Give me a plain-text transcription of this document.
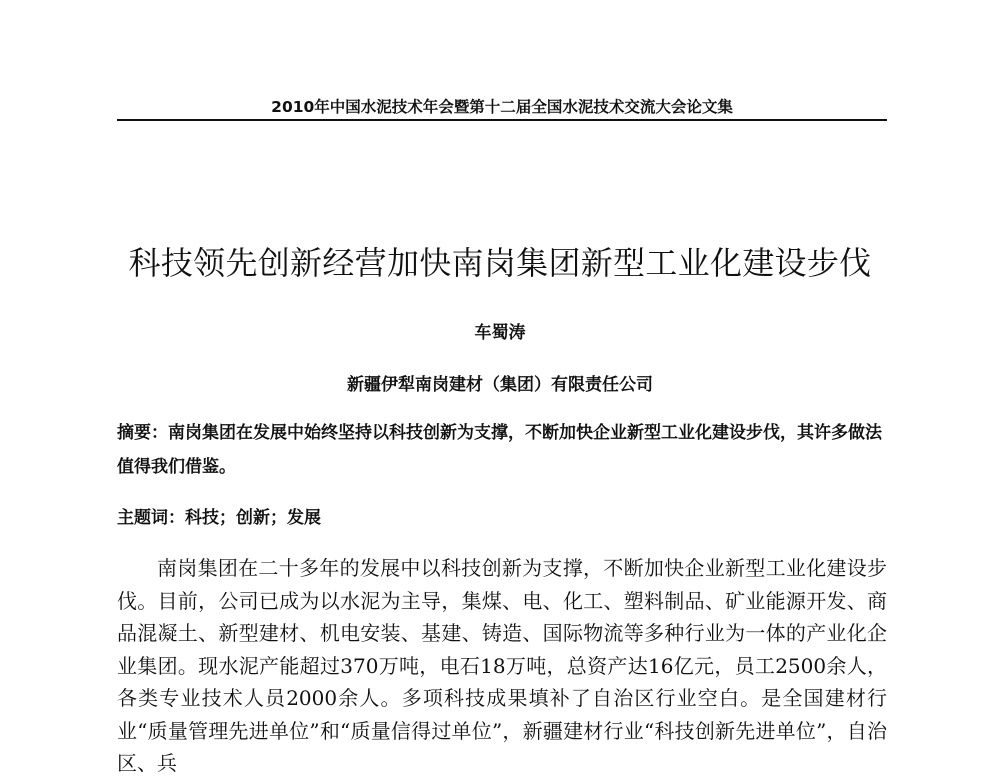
2010年中国水泥技术年会暨第十二届全国水泥技术交流大会论文集
科技领先创新经营加快南岗集团新型工业化建设步伐
车蜀涛
新疆伊犁南岗建材（集团）有限责任公司
摘要：南岗集团在发展中始终坚持以科技创新为支撑，不断加快企业新型工业化建设步伐，其许多做法值得我们借鉴。
主题词：科技；创新；发展

南岗集团在二十多年的发展中以科技创新为支撑，不断加快企业新型工业化建设步伐。目前，公司已成为以水泥为主导，集煤、电、化工、塑料制品、矿业能源开发、商品混凝土、新型建材、机电安装、基建、铸造、国际物流等多种行业为一体的产业化企业集团。现水泥产能超过370万吨，电石18万吨，总资产达16亿元，员工2500余人，各类专业技术人员2000余人。多项科技成果填补了自治区行业空白。是全国建材行业“质量管理先进单位”和“质量信得过单位”，新疆建材行业“科技创新先进单位”，自治区、兵
